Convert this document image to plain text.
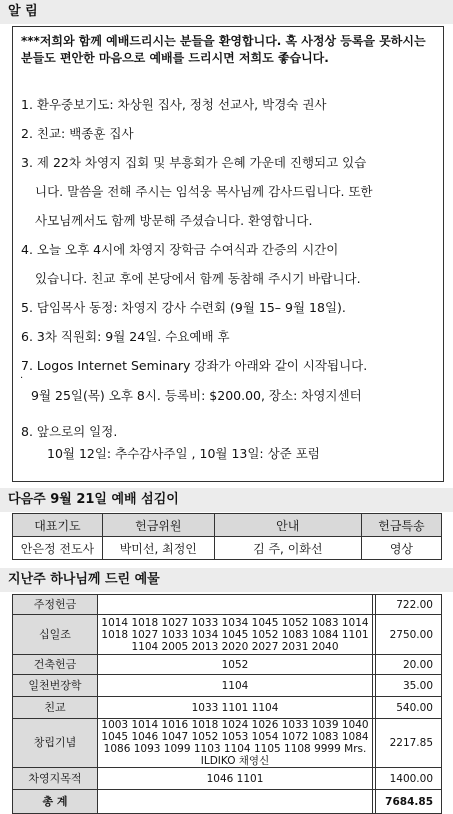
알 림
***저희와 함께 예배드리시는 분들을 환영합니다. 혹 사정상 등록을 못하시는 분들도 편안한 마음으로 예배를 드리시면 저희도 좋습니다.
1. 환우중보기도: 차상원 집사, 정청 선교사, 박경숙 권사
2. 친교: 백종훈 집사
3. 제 22차 차영지 집회 및 부흥회가 은혜 가운데 진행되고 있습
니다. 말씀을 전해 주시는 임석웅 목사님께 감사드립니다. 또한
사모님께서도 함께 방문해 주셨습니다. 환영합니다.
4. 오늘 오후 4시에 차영지 장학금 수여식과 간증의 시간이
있습니다. 친교 후에 본당에서 함께 동참해 주시기 바랍니다.
5. 담임목사 동정: 차영지 강사 수련회 (9월 15– 9월 18일).
6. 3차 직원회: 9월 24일. 수요예배 후
7. Logos Internet Seminary 강좌가 아래와 같이 시작됩니다.
.
9월 25일(목) 오후 8시. 등록비: $200.00, 장소: 차영지센터
8. 앞으로의 일정.
10월 12일: 추수감사주일 , 10월 13일: 상준 포럼
다음주 9월 21일 예배 섬김이
대표기도	헌금위원	안내	헌금특송
안은정 전도사	박미선, 최정인	김 주, 이화선	영상
지난주 하나님께 드린 예물
주정헌금			722.00
십일조	1014 1018 1027 1033 1034 1045 1052 1083 1014 1018 1027 1033 1034 1045 1052 1083 1084 1101 1104 2005 2013 2020 2027 2031 2040		2750.00
건축헌금	1052		20.00
일천번장학	1104		35.00
친교	1033 1101 1104		540.00
창립기념	1003 1014 1016 1018 1024 1026 1033 1039 1040 1045 1046 1047 1052 1053 1054 1072 1083 1084 1086 1093 1099 1103 1104 1105 1108 9999 Mrs. ILDIKO 채영신		2217.85
차영지목적	1046 1101		1400.00
총 계			7684.85
